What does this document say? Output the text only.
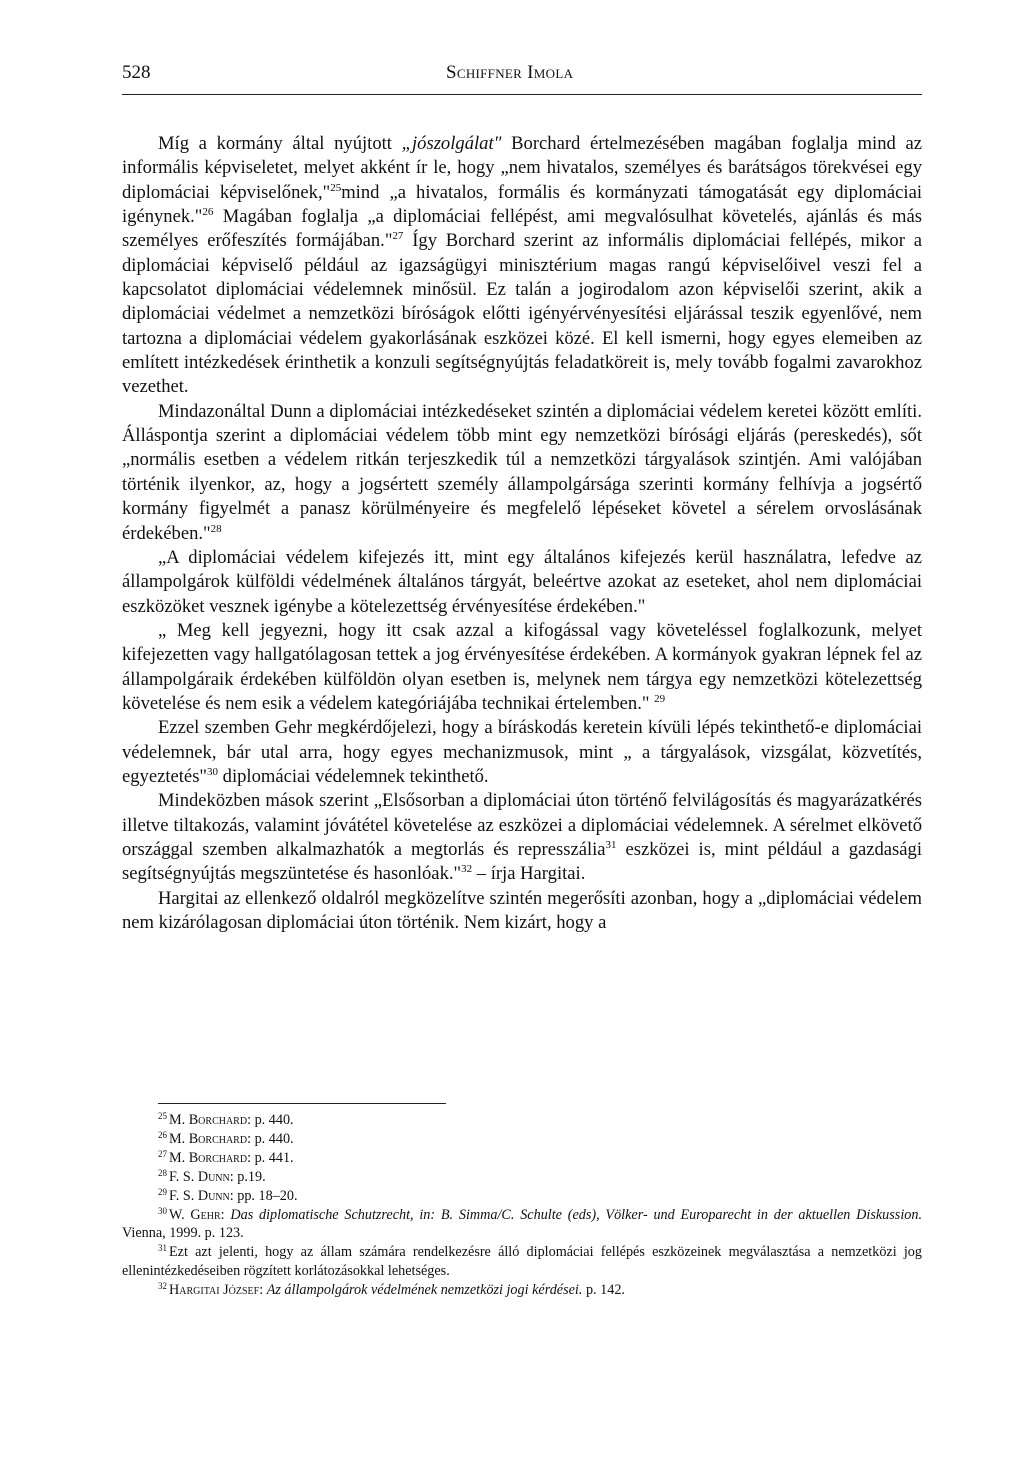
528	Schiffner Imola

Míg a kormány által nyújtott „jószolgálat" Borchard értelmezésében magában foglalja mind az informális képviseletet, melyet akként ír le, hogy „nem hivatalos, személyes és barátságos törekvései egy diplomáciai képviselőnek,"$^{25}$mind „a hivatalos, formális és kormányzati támogatását egy diplomáciai igénynek."$^{26}$ Magában foglalja „a diplomáciai fellépést, ami megvalósulhat követelés, ajánlás és más személyes erőfeszítés formájában."$^{27}$ Így Borchard szerint az informális diplomáciai fellépés, mikor a diplomáciai képviselő például az igazságügyi minisztérium magas rangú képviselőivel veszi fel a kapcsolatot diplomáciai védelemnek minősül. Ez talán a jogirodalom azon képviselői szerint, akik a diplomáciai védelmet a nemzetközi bíróságok előtti igényérvényesítési eljárással teszik egyenlővé, nem tartozna a diplomáciai védelem gyakorlásának eszközei közé. El kell ismerni, hogy egyes elemeiben az említett intézkedések érinthetik a konzuli segítségnyújtás feladatköreit is, mely tovább fogalmi zavarokhoz vezethet.

Mindazonáltal Dunn a diplomáciai intézkedéseket szintén a diplomáciai védelem keretei között említi. Álláspontja szerint a diplomáciai védelem több mint egy nemzetközi bírósági eljárás (pereskedés), sőt „normális esetben a védelem ritkán terjeszkedik túl a nemzetközi tárgyalások szintjén. Ami valójában történik ilyenkor, az, hogy a jogsértett személy állampolgársága szerinti kormány felhívja a jogsértő kormány figyelmét a panasz körülményeire és megfelelő lépéseket követel a sérelem orvoslásának érdekében."$^{28}$

„A diplomáciai védelem kifejezés itt, mint egy általános kifejezés kerül használatra, lefedve az állampolgárok külföldi védelmének általános tárgyát, beleértve azokat az eseteket, ahol nem diplomáciai eszközöket vesznek igénybe a kötelezettség érvényesítése érdekében."

„ Meg kell jegyezni, hogy itt csak azzal a kifogással vagy követeléssel foglalkozunk, melyet kifejezetten vagy hallgatólagosan tettek a jog érvényesítése érdekében. A kormányok gyakran lépnek fel az állampolgáraik érdekében külföldön olyan esetben is, melynek nem tárgya egy nemzetközi kötelezettség követelése és nem esik a védelem kategóriájába technikai értelemben." $^{29}$

Ezzel szemben Gehr megkérdőjelezi, hogy a bíráskodás keretein kívüli lépés tekinthető-e diplomáciai védelemnek, bár utal arra, hogy egyes mechanizmusok, mint „ a tárgyalások, vizsgálat, közvetítés, egyeztetés"$^{30}$ diplomáciai védelemnek tekinthető.

Mindeközben mások szerint „Elsősorban a diplomáciai úton történő felvilágosítás és magyarázatkérés illetve tiltakozás, valamint jóvátétel követelése az eszközei a diplomáciai védelemnek. A sérelmet elkövető országgal szemben alkalmazhatók a megtorlás és represszália$^{31}$ eszközei is, mint például a gazdasági segítségnyújtás megszüntetése és hasonlóak."$^{32}$ – írja Hargitai.

Hargitai az ellenkező oldalról megközelítve szintén megerősíti azonban, hogy a „diplomáciai védelem nem kizárólagosan diplomáciai úton történik. Nem kizárt, hogy a

$^{25}$ M. Borchard: p. 440.

$^{26}$ M. Borchard: p. 440.

$^{27}$ M. Borchard: p. 441.

$^{28}$ F. S. Dunn: p.19.

$^{29}$ F. S. Dunn: pp. 18–20.

$^{30}$ W. Gehr: Das diplomatische Schutzrecht, in: B. Simma/C. Schulte (eds), Völker- und Europarecht in der aktuellen Diskussion. Vienna, 1999. p. 123.

$^{31}$ Ezt azt jelenti, hogy az állam számára rendelkezésre álló diplomáciai fellépés eszközeinek megválasztása a nemzetközi jog ellenintézkedéseiben rögzített korlátozásokkal lehetséges.

$^{32}$ Hargitai József: Az állampolgárok védelmének nemzetközi jogi kérdései. p. 142.
